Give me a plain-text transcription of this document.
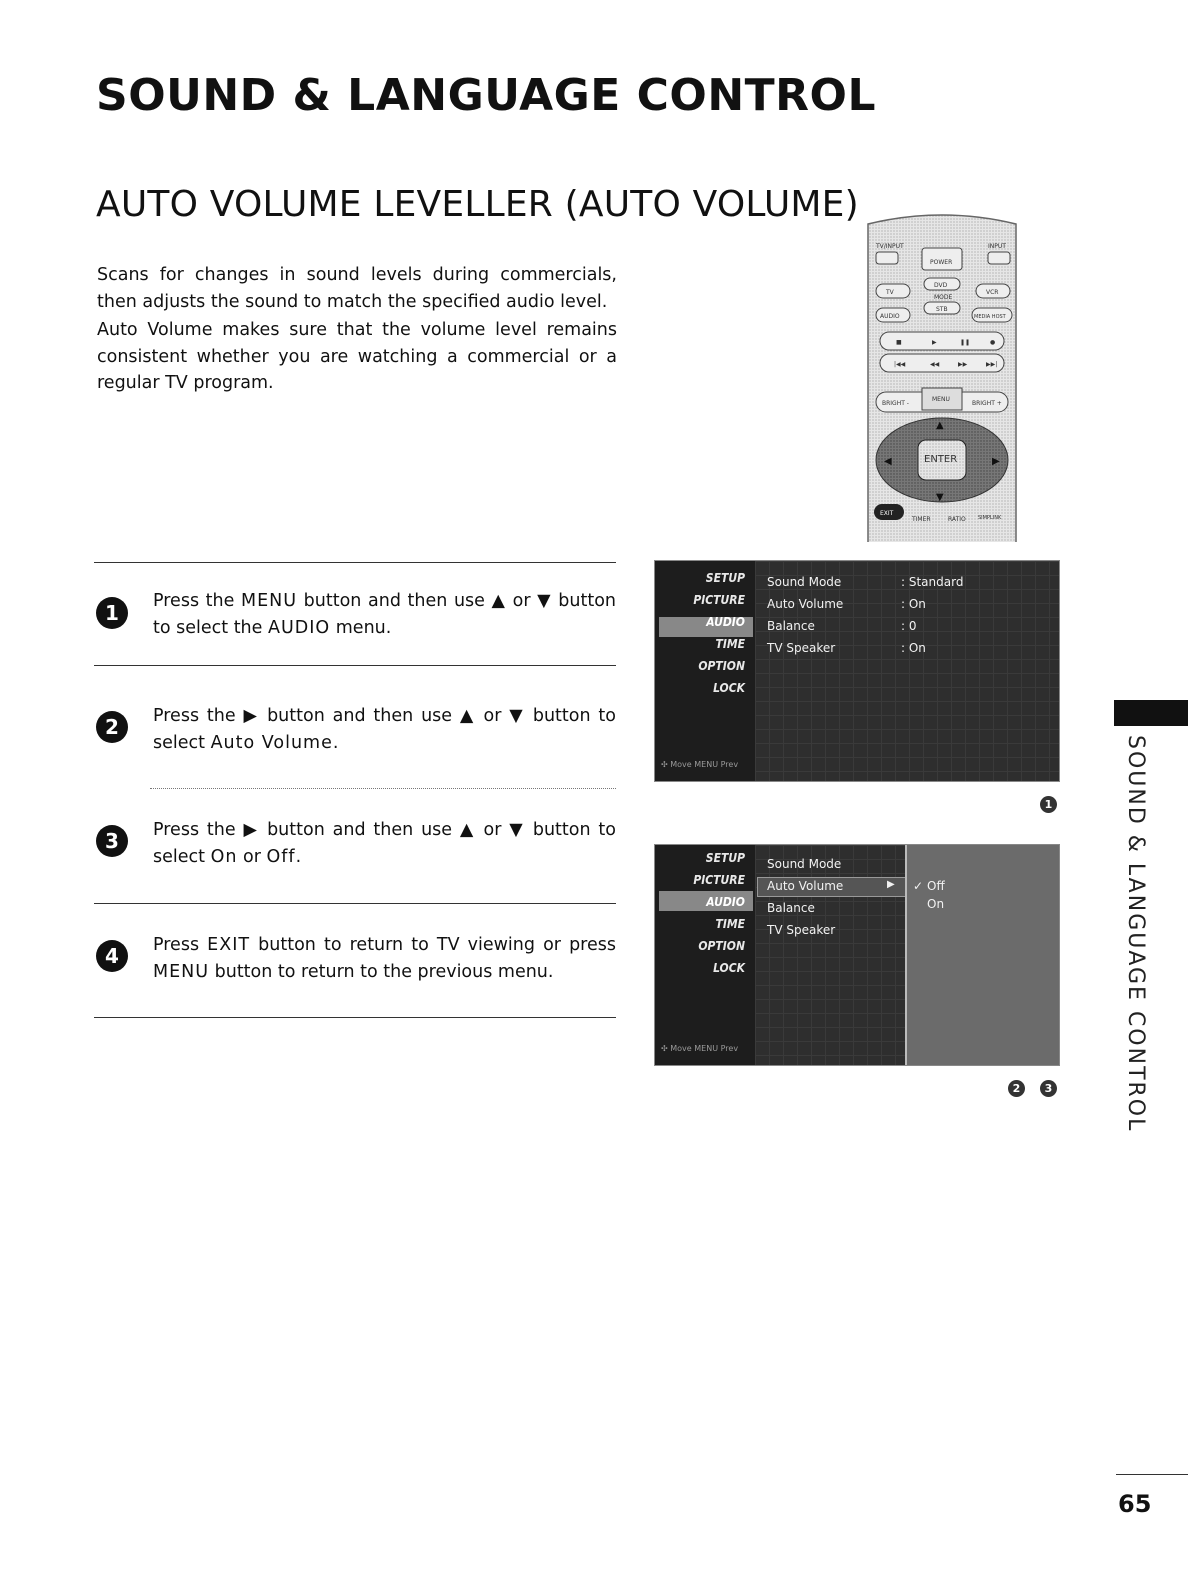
SOUND & LANGUAGE CONTROL
AUTO VOLUME LEVELLER (AUTO VOLUME)

Scans for changes in sound levels during commercials, then adjusts the sound to match the specified audio level.

Auto Volume makes sure that the volume level remains consistent whether you are watching a commercial or a regular TV program.

TV/INPUT	INPUT
POWER
TV
DVD
MODE
VCR
AUDIO
STB
MEDIA HOST
■	▶	❚❚	●
|◀◀	◀◀	▶▶	▶▶|
BRIGHT -	BRIGHT +
MENU
ENTER
▲
▼
◀	▶
EXIT
TIMER	RATIO SIMPLINK
1	Press the MENU button and then use ▲ or ▼ button to select the AUDIO menu.
2	Press the ▶ button and then use ▲ or ▼ button to select Auto Volume.
3	Press the ▶ button and then use ▲ or ▼ button to select On or Off.
4	Press EXIT button to return to TV viewing or press MENU button to return to the previous menu.
SETUP
PICTURE
AUDIO
TIME
OPTION
LOCK
✣ Move MENU Prev
Sound Mode	: Standard
Auto Volume	: On
Balance	: 0
TV Speaker	: On
1
SETUP
PICTURE
AUDIO
TIME
OPTION
LOCK
✣ Move MENU Prev
Sound Mode
Auto Volume
Balance
TV Speaker
▶ ✓ Off
On
2	3	SOUND & LANGUAGE CONTROL
65
